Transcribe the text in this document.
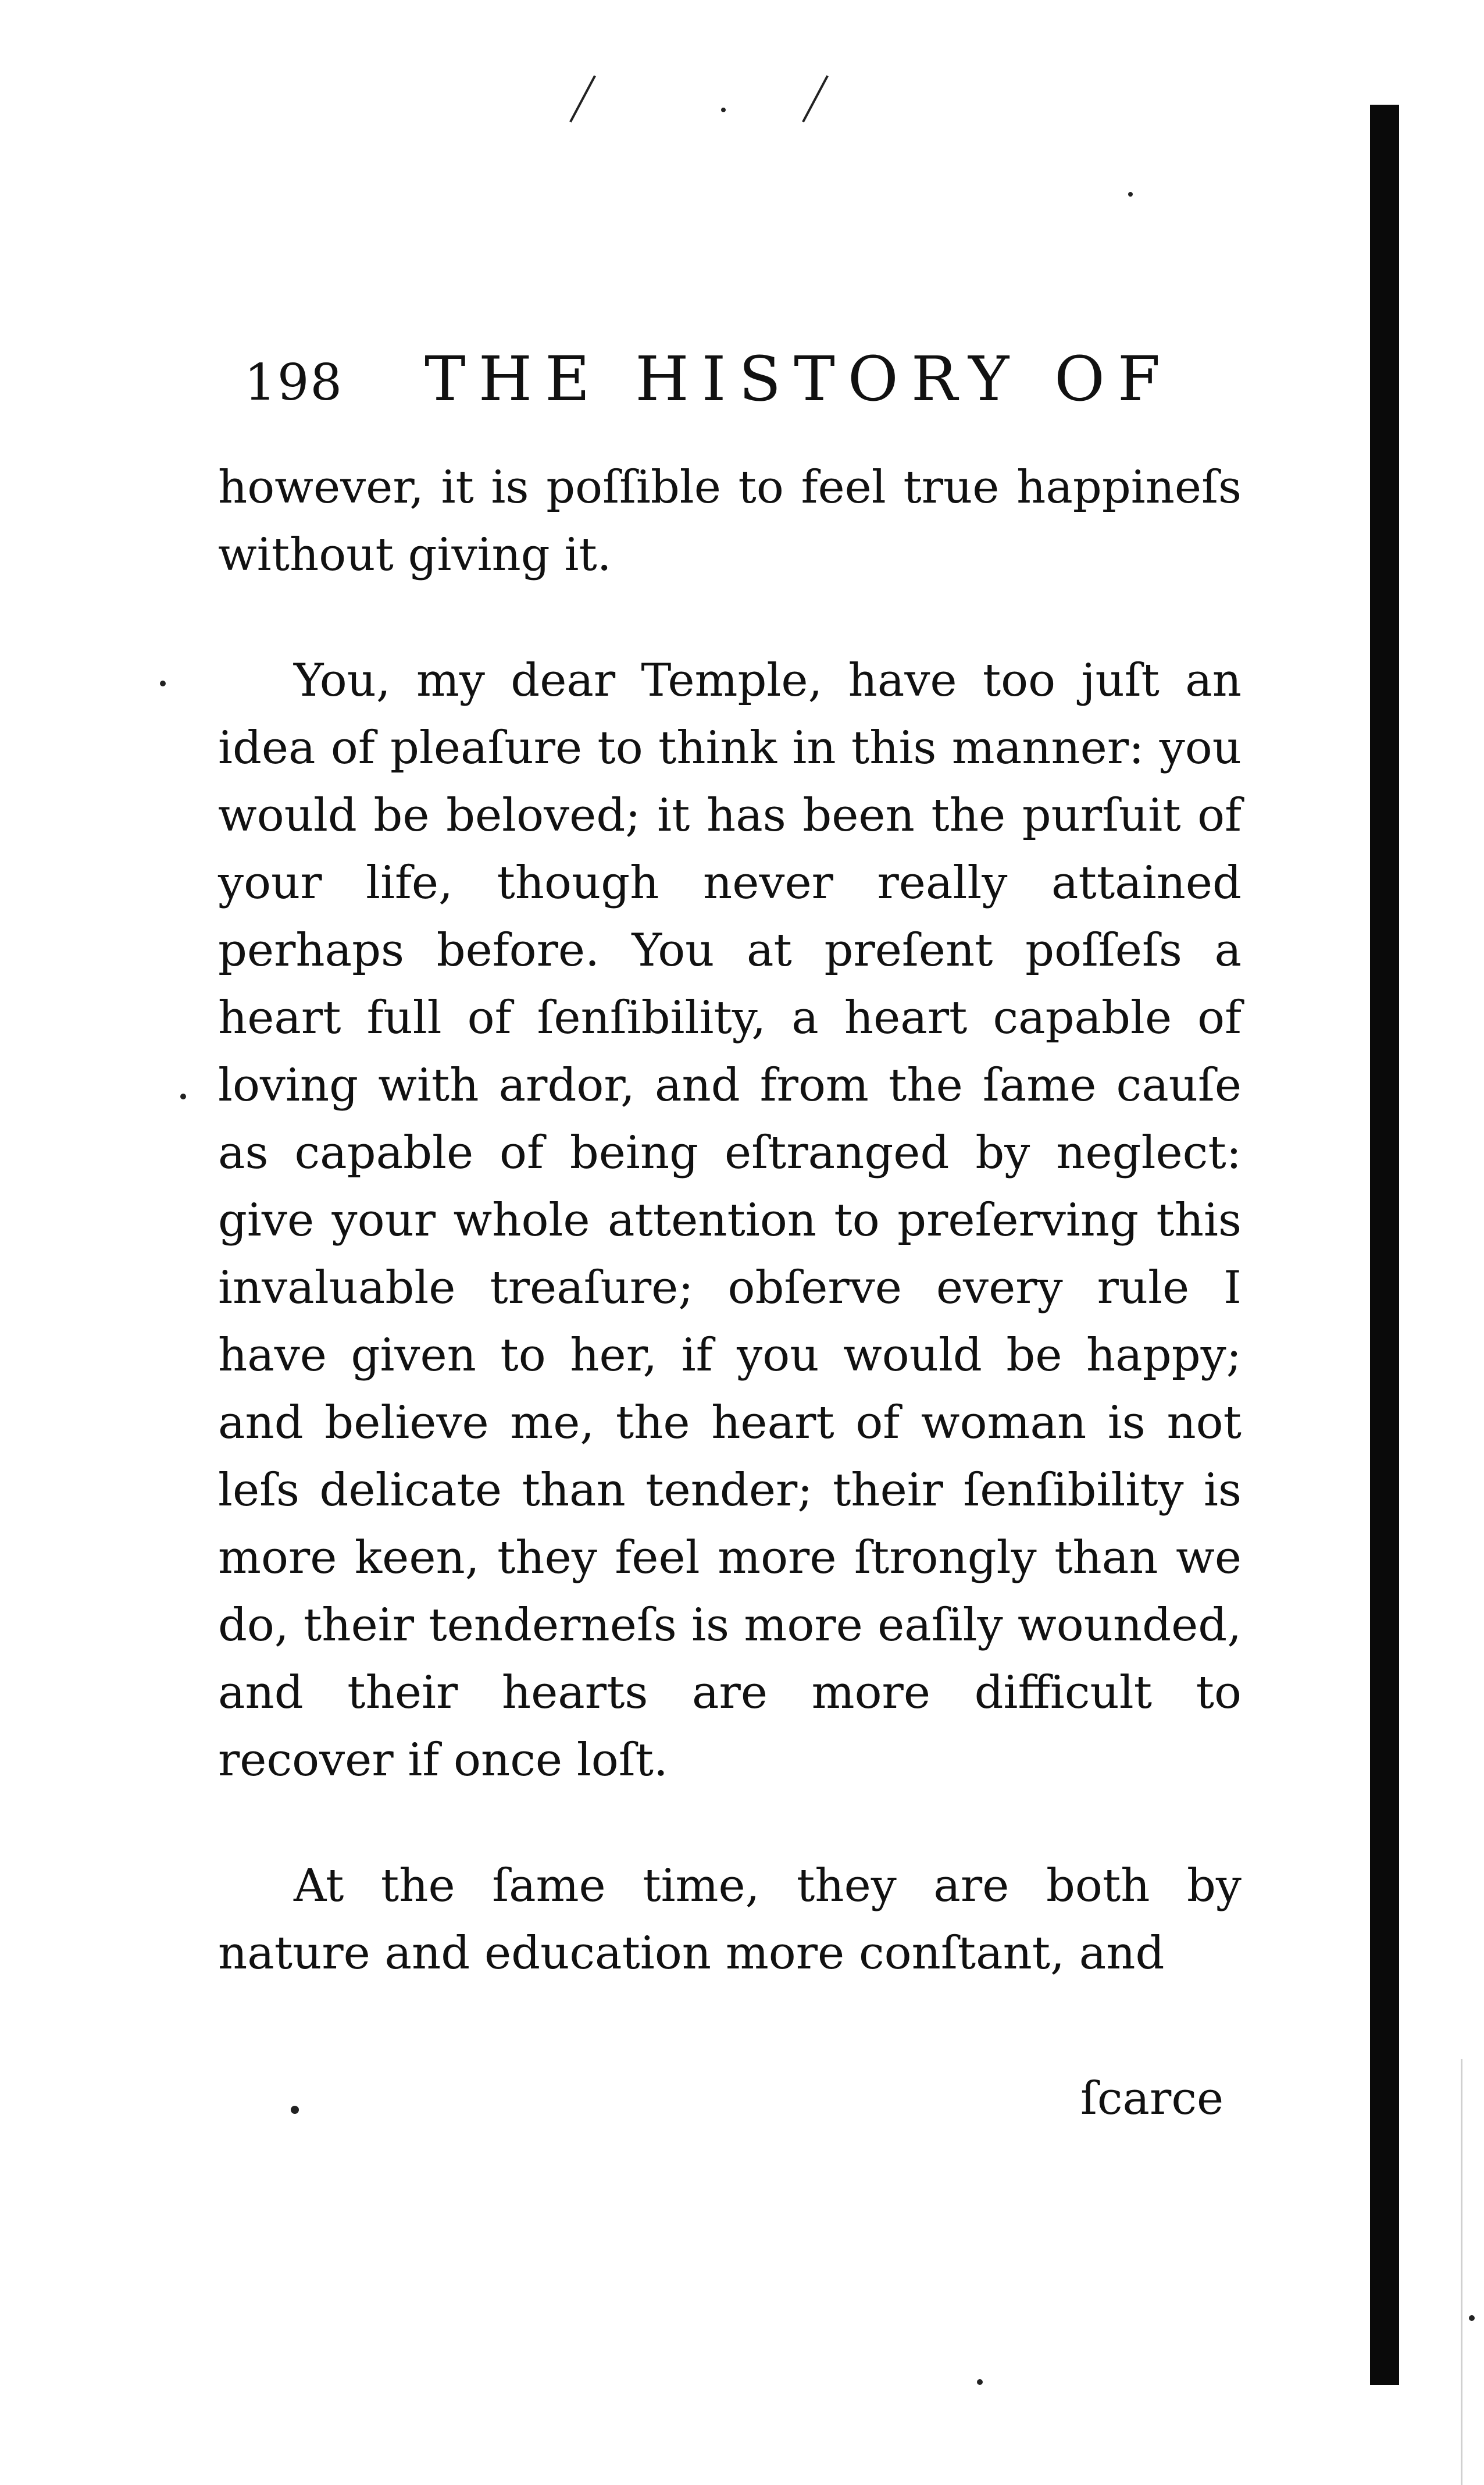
198 THE HISTORY OF

however, it is poſſible to feel true happineſs without giving it.

You, my dear Temple, have too juſt an idea of pleaſure to think in this manner: you would be beloved; it has been the purſuit of your life, though never really attained perhaps before. You at preſent poſſeſs a heart full of ſenſibility, a heart capable of loving with ardor, and from the ſame cauſe as capable of being eſtranged by neglect: give your whole attention to preſerving this invaluable treaſure; obſerve every rule I have given to her, if you would be happy; and believe me, the heart of woman is not leſs delicate than tender; their ſenſibility is more keen, they feel more ſtrongly than we do, their tenderneſs is more eaſily wounded, and their hearts are more difficult to recover if once loſt.

At the ſame time, they are both by nature and education more conſtant, and

ſcarce
